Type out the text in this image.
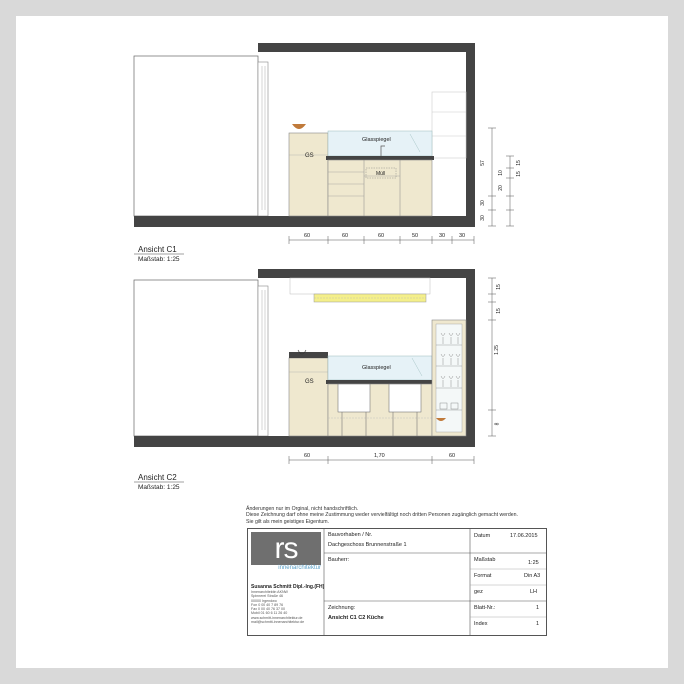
GS
Glasspiegel
Müll
60	60	60	50	30	30
57
30
30
20
10
15
15
Ansicht C1
Maßstab: 1:25
GS
Glasspiegel
60	1,70	60
15
1.25
15
8
Ansicht C2
Maßstab: 1:25
Änderungen nur im Orginal, nicht handschriftlich.
Diese Zeichnung darf ohne meine Zustimmung weder vervielfältigt noch dritten Personen zugänglich gemacht werden.
Sie gilt als mein geistiges Eigentum.
rs
innenarchitektur
Susanna Schmitt Dipl.-Ing.(FH)
Innenarchitektin AKNW
Spinnerei Straße 46
00000 Irgendwo
Fon 0 00 40 7 89 76
Fax 0 00 40 76 37 00
Mobil 01 60 6 11 26 40
www.schmitt-innenarchitektur.de
mail@schmitt-innenarchitektur.de
Bauvorhaben / Nr.
Dachgeschoss Brunnenstraße 1
Bauherr:
Zeichnung:
Ansicht C1 C2 Küche
Datum	17.06.2015
Maßstab	1:25
Format	Din A3
gez	LH
Blatt-Nr.:	1
Index	1
